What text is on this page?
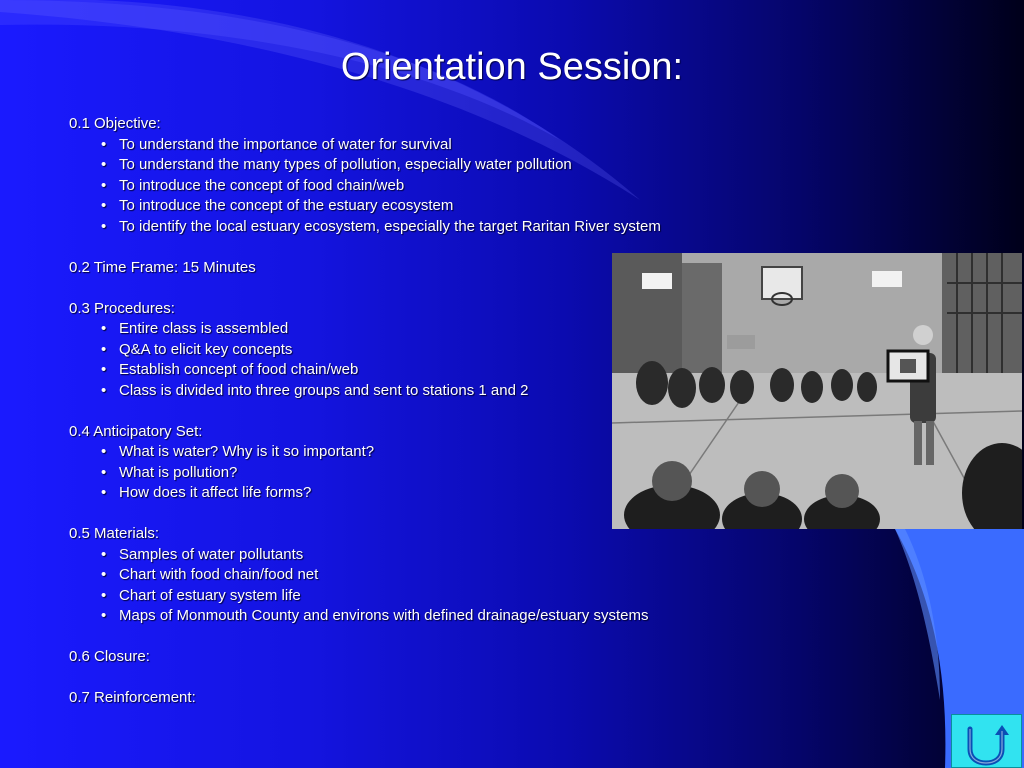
Orientation Session:
0.1 Objective:
• To understand the importance of water for survival
• To understand the many types of pollution, especially water pollution
• To introduce the concept of food chain/web
• To introduce the concept of the estuary ecosystem
• To identify the local estuary ecosystem, especially the target Raritan River system
0.2 Time Frame: 15 Minutes
0.3 Procedures:
• Entire class is assembled
• Q&A to elicit key concepts
• Establish concept of food chain/web
• Class is divided into three groups and sent to stations 1 and 2
0.4 Anticipatory Set:
• What is water? Why is it so important?
• What is pollution?
• How does it affect life forms?
0.5 Materials:
• Samples of water pollutants
• Chart with food chain/food net
• Chart of estuary system life
• Maps of Monmouth County and environs with defined drainage/estuary systems
0.6 Closure:
0.7 Reinforcement:
